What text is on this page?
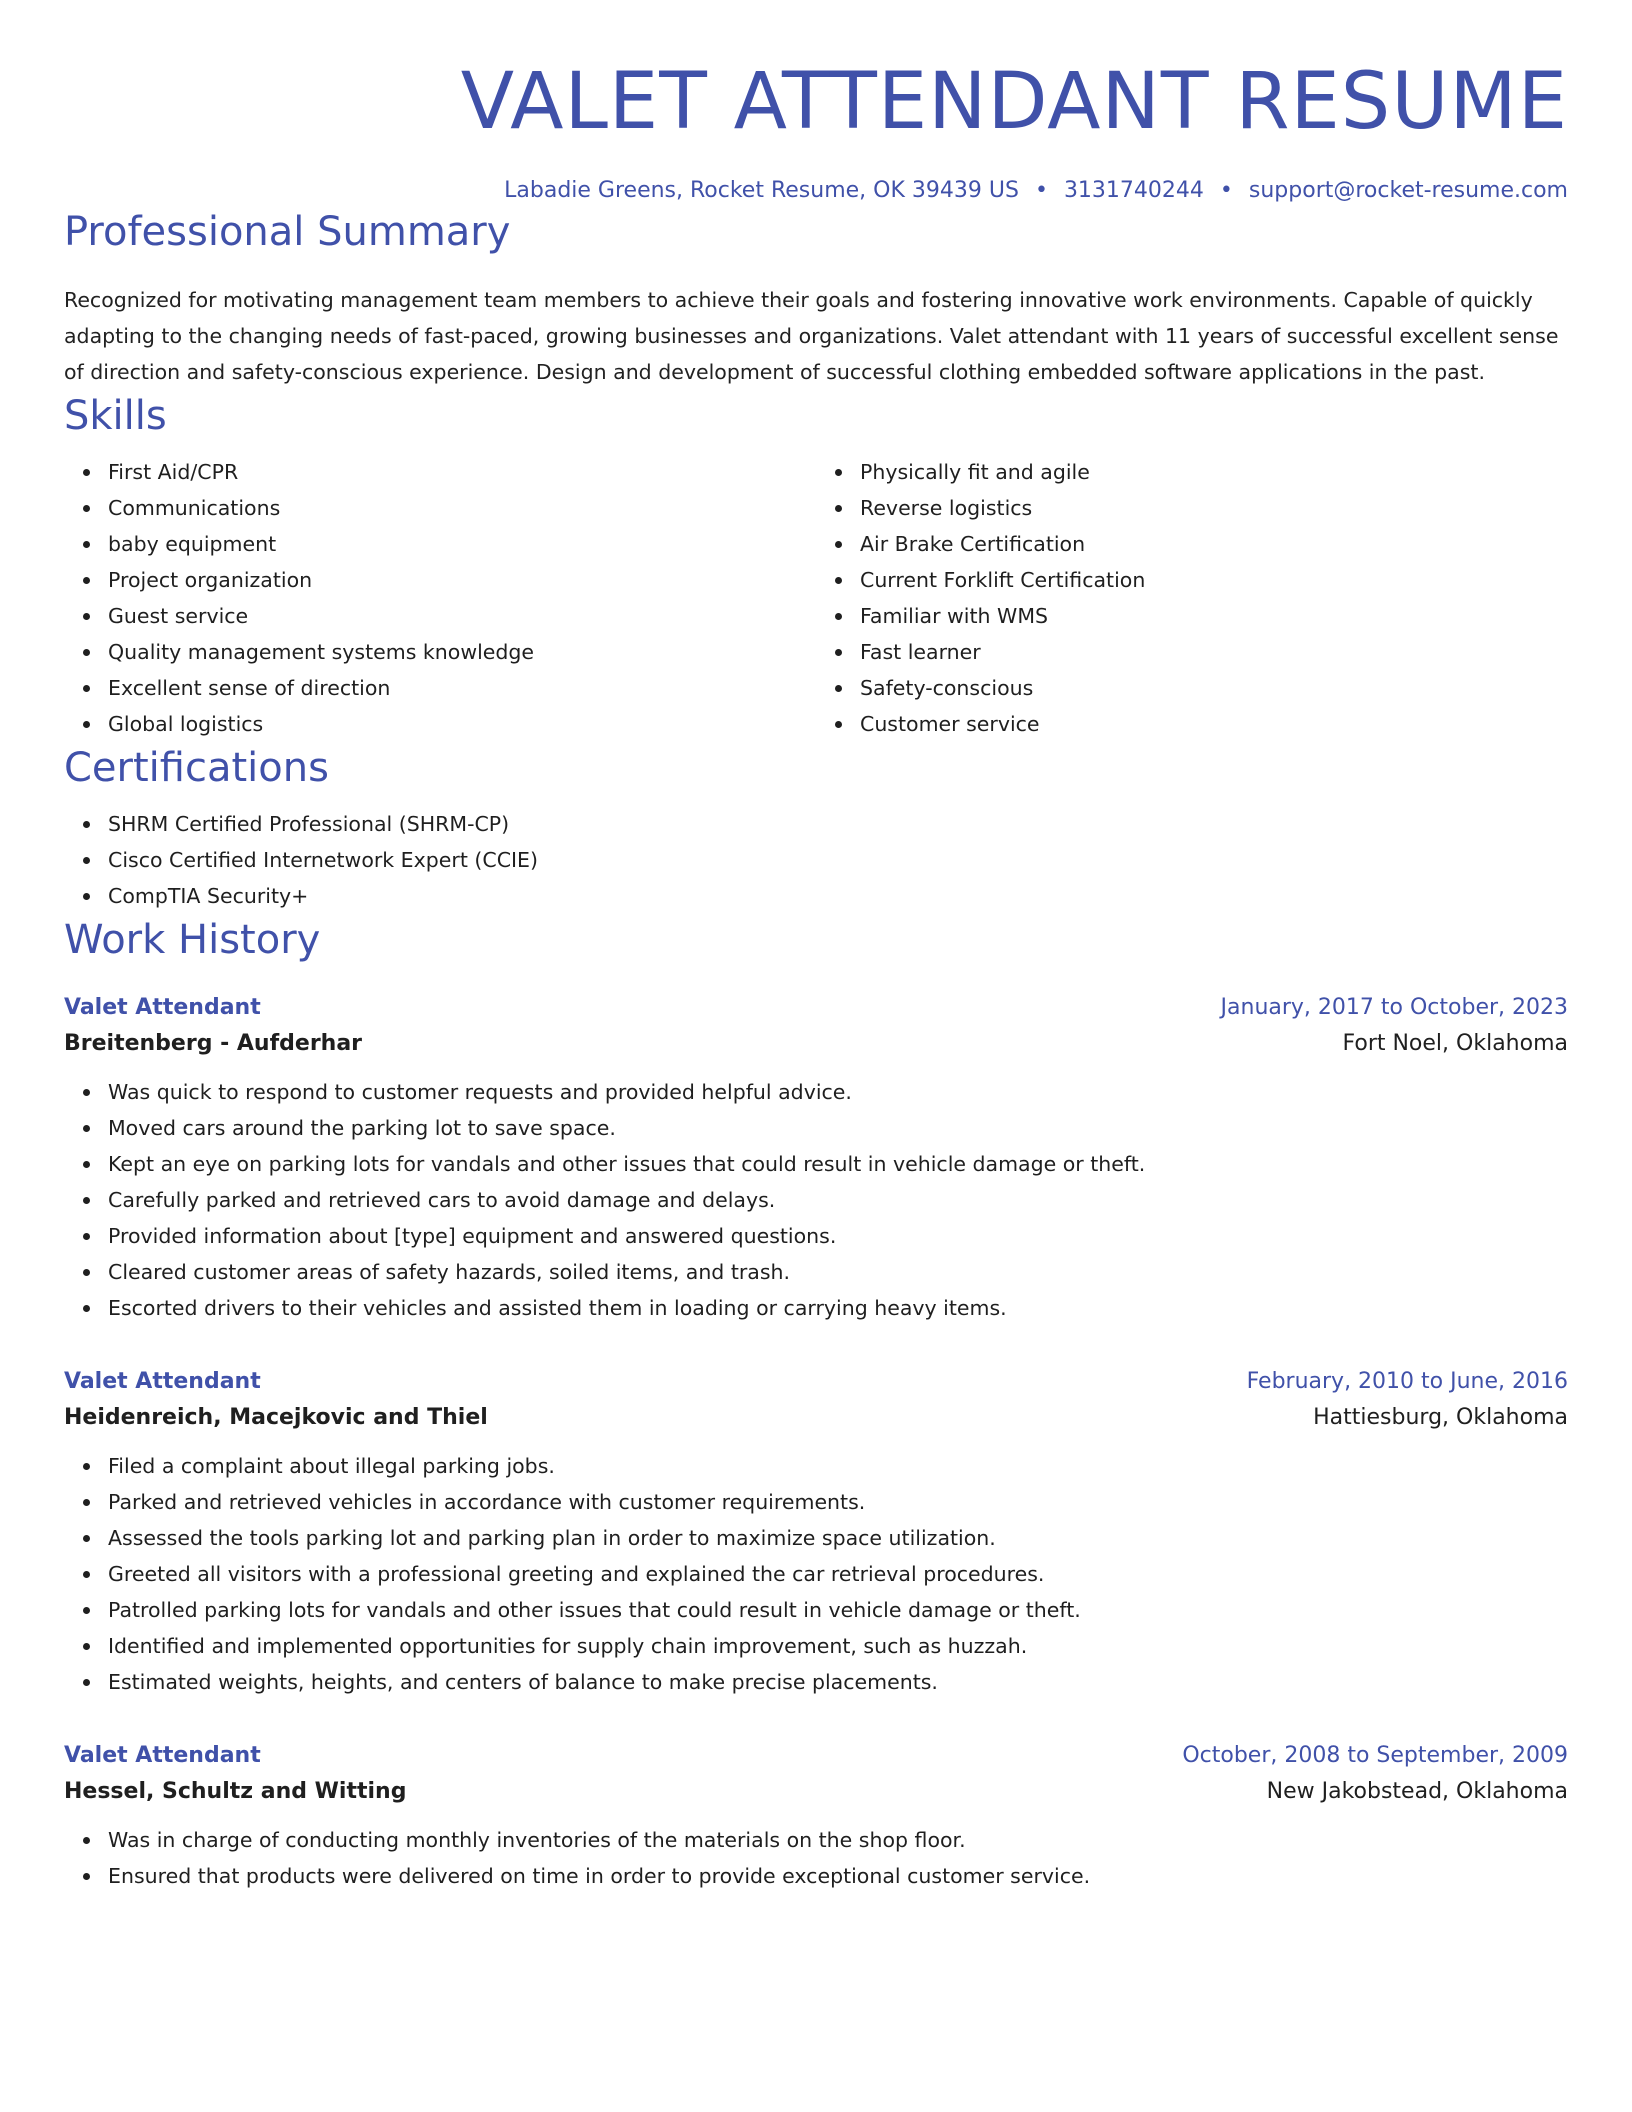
VALET ATTENDANT RESUME
Labadie Greens, Rocket Resume, OK 39439 US • 3131740244 • support@rocket-resume.com
Professional Summary

Recognized for motivating management team members to achieve their goals and fostering innovative work environments. Capable of quickly adapting to the changing needs of fast-paced, growing businesses and organizations. Valet attendant with 11 years of successful excellent sense of direction and safety-conscious experience. Design and development of successful clothing embedded software applications in the past.

Skills
First Aid/CPR
Communications
baby equipment
Project organization
Guest service
Quality management systems knowledge
Excellent sense of direction
Global logistics
Physically fit and agile
Reverse logistics
Air Brake Certification
Current Forklift Certification
Familiar with WMS
Fast learner
Safety-conscious
Customer service
Certifications
SHRM Certified Professional (SHRM-CP)
Cisco Certified Internetwork Expert (CCIE)
CompTIA Security+
Work History
Valet Attendant	January, 2017 to October, 2023
Breitenberg - Aufderhar	Fort Noel, Oklahoma
Was quick to respond to customer requests and provided helpful advice.
Moved cars around the parking lot to save space.
Kept an eye on parking lots for vandals and other issues that could result in vehicle damage or theft.
Carefully parked and retrieved cars to avoid damage and delays.
Provided information about [type] equipment and answered questions.
Cleared customer areas of safety hazards, soiled items, and trash.
Escorted drivers to their vehicles and assisted them in loading or carrying heavy items.
Valet Attendant	February, 2010 to June, 2016
Heidenreich, Macejkovic and Thiel	Hattiesburg, Oklahoma
Filed a complaint about illegal parking jobs.
Parked and retrieved vehicles in accordance with customer requirements.
Assessed the tools parking lot and parking plan in order to maximize space utilization.
Greeted all visitors with a professional greeting and explained the car retrieval procedures.
Patrolled parking lots for vandals and other issues that could result in vehicle damage or theft.
Identified and implemented opportunities for supply chain improvement, such as huzzah.
Estimated weights, heights, and centers of balance to make precise placements.
Valet Attendant	October, 2008 to September, 2009
Hessel, Schultz and Witting	New Jakobstead, Oklahoma
Was in charge of conducting monthly inventories of the materials on the shop floor.
Ensured that products were delivered on time in order to provide exceptional customer service.
